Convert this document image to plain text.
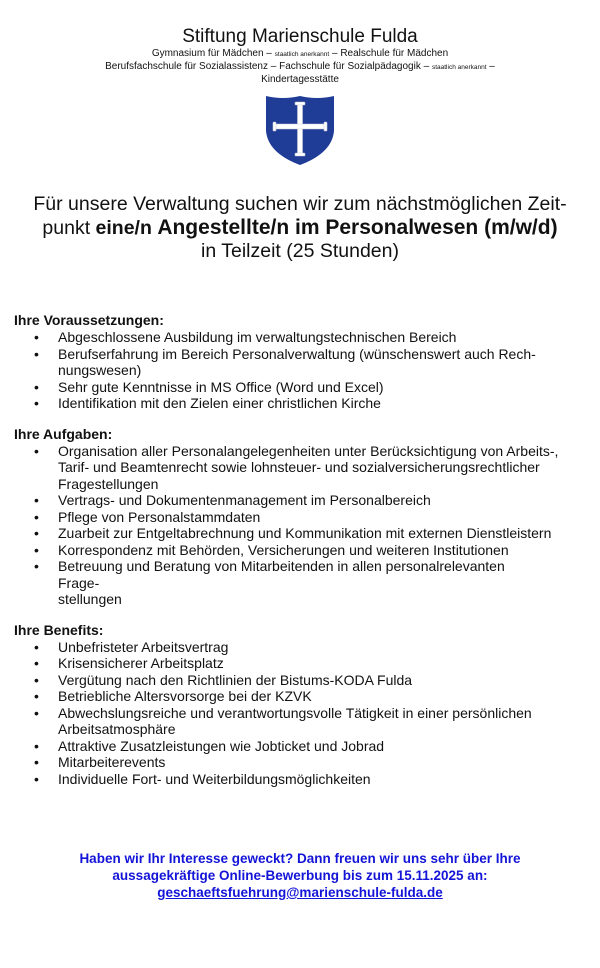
Stiftung Marienschule Fulda
Gymnasium für Mädchen – staatlich anerkannt – Realschule für Mädchen
Berufsfachschule für Sozialassistenz – Fachschule für Sozialpädagogik – staatlich anerkannt –
Kindertagesstätte
Für unsere Verwaltung suchen wir zum nächstmöglichen Zeit-
punkt eine/n Angestellte/n im Personalwesen (m/w/d)
in Teilzeit (25 Stunden)
Ihre Voraussetzungen:
• Abgeschlossene Ausbildung im verwaltungstechnischen Bereich
• Berufserfahrung im Bereich Personalverwaltung (wünschenswert auch Rech-
nungswesen)
• Sehr gute Kenntnisse in MS Office (Word und Excel)
• Identifikation mit den Zielen einer christlichen Kirche
Ihre Aufgaben:
• Organisation aller Personalangelegenheiten unter Berücksichtigung von Arbeits-, Tarif- und Beamtenrecht sowie lohnsteuer- und sozialversicherungsrechtlicher Fragestellungen
• Vertrags- und Dokumentenmanagement im Personalbereich
• Pflege von Personalstammdaten
• Zuarbeit zur Entgeltabrechnung und Kommunikation mit externen Dienstleistern
• Korrespondenz mit Behörden, Versicherungen und weiteren Institutionen
• Betreuung und Beratung von Mitarbeitenden in allen personalrelevanten Frage-
stellungen
Ihre Benefits:
• Unbefristeter Arbeitsvertrag
• Krisensicherer Arbeitsplatz
• Vergütung nach den Richtlinien der Bistums-KODA Fulda
• Betriebliche Altersvorsorge bei der KZVK
• Abwechslungsreiche und verantwortungsvolle Tätigkeit in einer persönlichen Arbeitsatmosphäre
• Attraktive Zusatzleistungen wie Jobticket und Jobrad
• Mitarbeiterevents
• Individuelle Fort- und Weiterbildungsmöglichkeiten
Haben wir Ihr Interesse geweckt? Dann freuen wir uns sehr über Ihre
aussagekräftige Online-Bewerbung bis zum 15.11.2025 an:
geschaeftsfuehrung@marienschule-fulda.de
